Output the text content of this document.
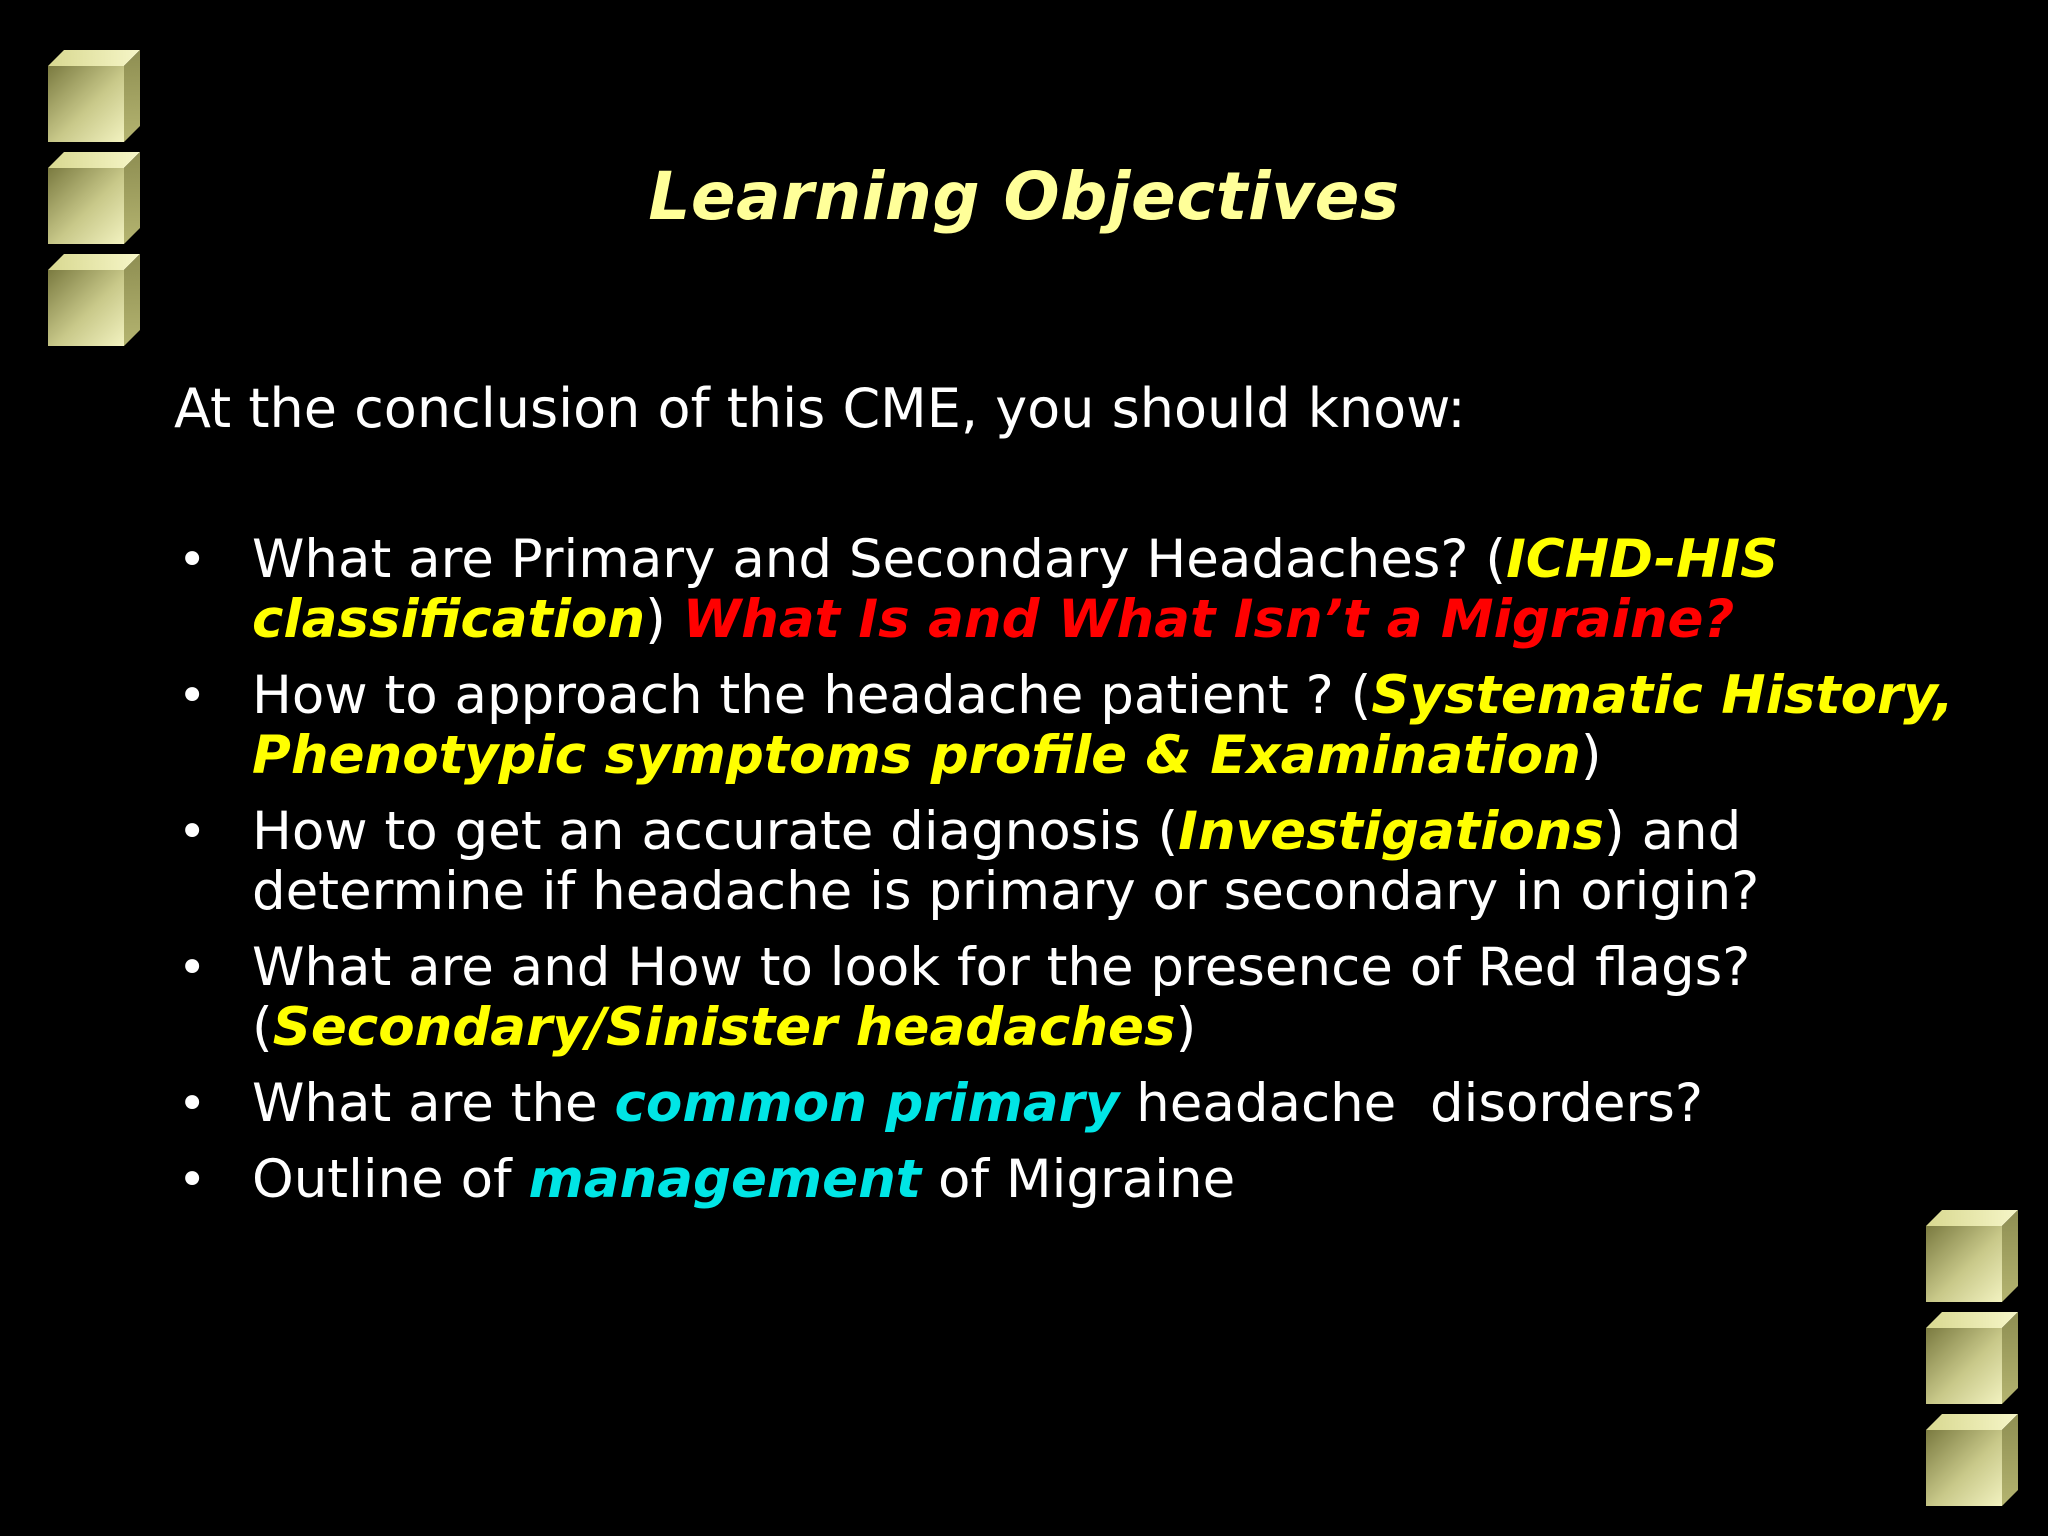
Learning Objectives
At the conclusion of this CME, you should know:
• What are Primary and Secondary Headaches? (ICHD-HIS
classification) What Is and What Isn’t a Migraine?
• How to approach the headache patient ? (Systematic History,
Phenotypic symptoms profile & Examination)
• How to get an accurate diagnosis (Investigations) and
determine if headache is primary or secondary in origin?
• What are and How to look for the presence of Red flags?
(Secondary/Sinister headaches)
• What are the common primary headache  disorders?
• Outline of management of Migraine
